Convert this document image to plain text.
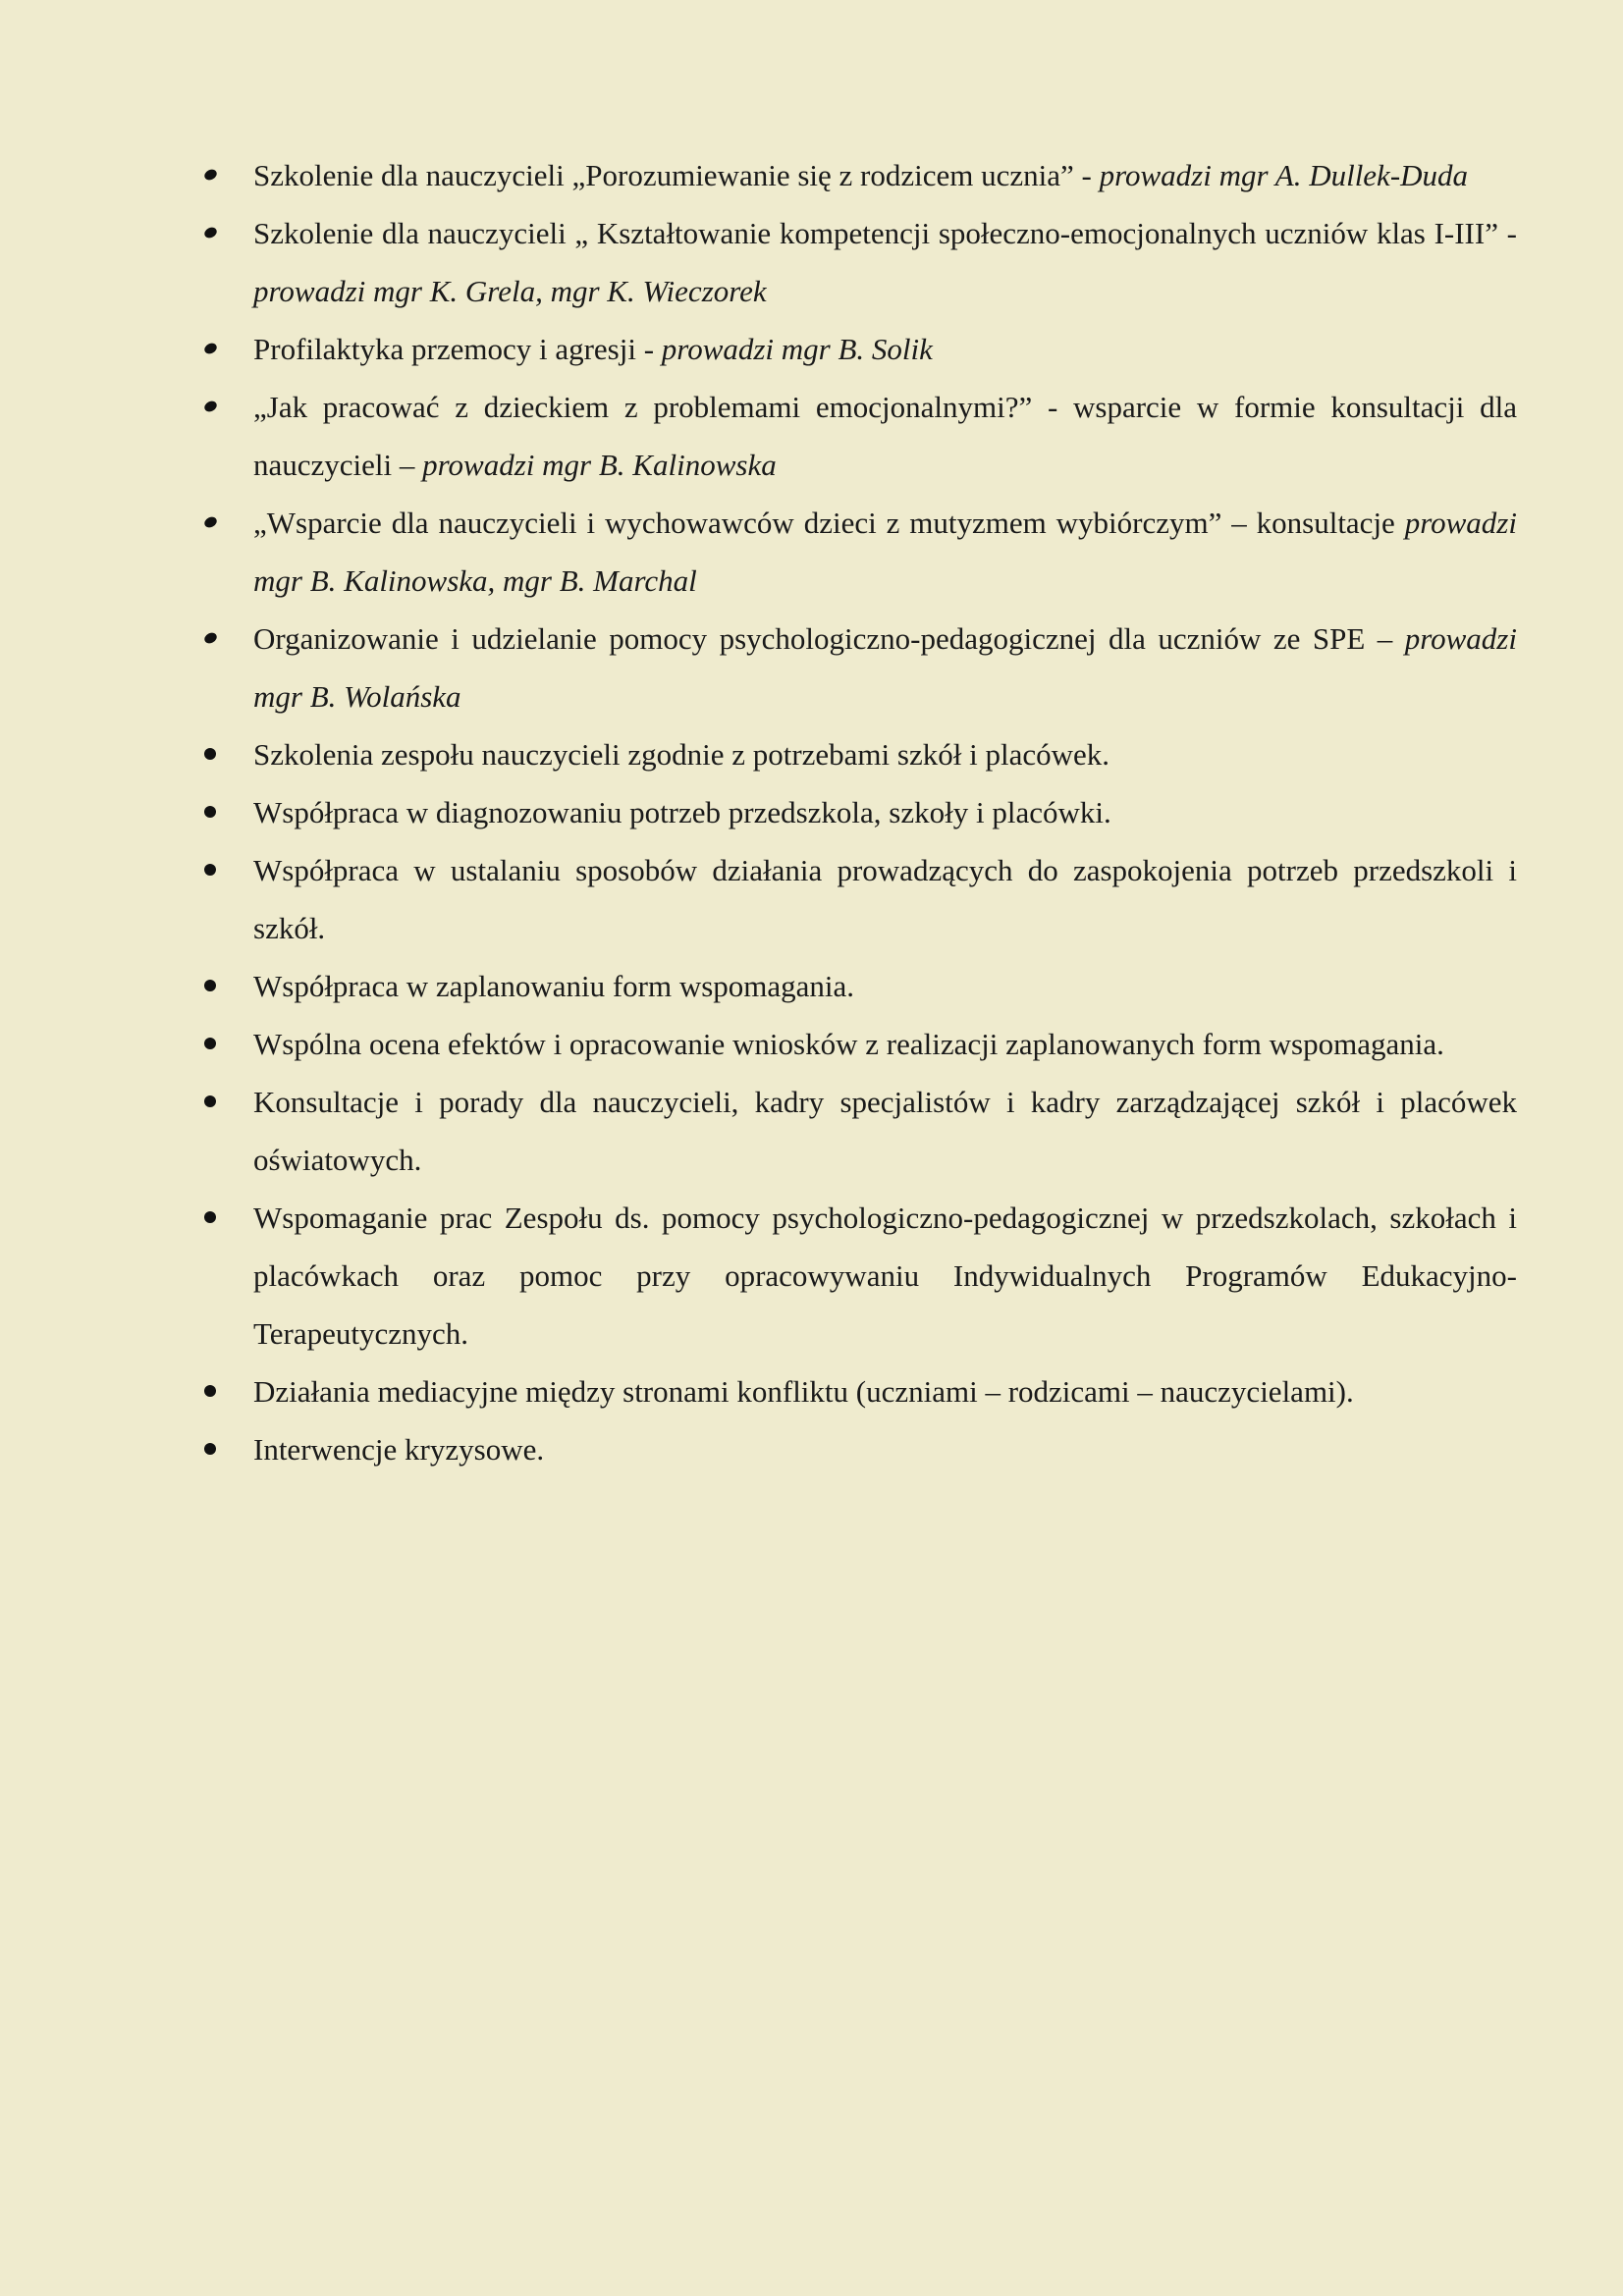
Szkolenie dla nauczycieli „Porozumiewanie się z rodzicem ucznia” - prowadzi mgr A. Dullek-Duda
Szkolenie dla nauczycieli „ Kształtowanie kompetencji społeczno-emocjonalnych uczniów klas I-III” - prowadzi mgr K. Grela, mgr K. Wieczorek
Profilaktyka przemocy i agresji - prowadzi mgr B. Solik
„Jak pracować z dzieckiem z problemami emocjonalnymi?” - wsparcie w formie konsultacji dla nauczycieli – prowadzi mgr B. Kalinowska
„Wsparcie dla nauczycieli i wychowawców dzieci z mutyzmem wybiórczym” – konsultacje prowadzi mgr B. Kalinowska, mgr B. Marchal
Organizowanie i udzielanie pomocy psychologiczno-pedagogicznej dla uczniów ze SPE – prowadzi mgr B. Wolańska
Szkolenia zespołu nauczycieli zgodnie z potrzebami szkół i placówek.
Współpraca w diagnozowaniu potrzeb przedszkola, szkoły i placówki.
Współpraca w ustalaniu sposobów działania prowadzących do zaspokojenia potrzeb przedszkoli i szkół.
Współpraca w zaplanowaniu form wspomagania.
Wspólna ocena efektów i opracowanie wniosków z realizacji zaplanowanych form wspomagania.
Konsultacje i porady dla nauczycieli, kadry specjalistów i kadry zarządzającej szkół i placówek oświatowych.
Wspomaganie prac Zespołu ds. pomocy psychologiczno-pedagogicznej w przedszkolach, szkołach i placówkach oraz pomoc przy opracowywaniu Indywidualnych Programów Edukacyjno-Terapeutycznych.
Działania mediacyjne między stronami konfliktu (uczniami – rodzicami – nauczycielami).
Interwencje kryzysowe.
